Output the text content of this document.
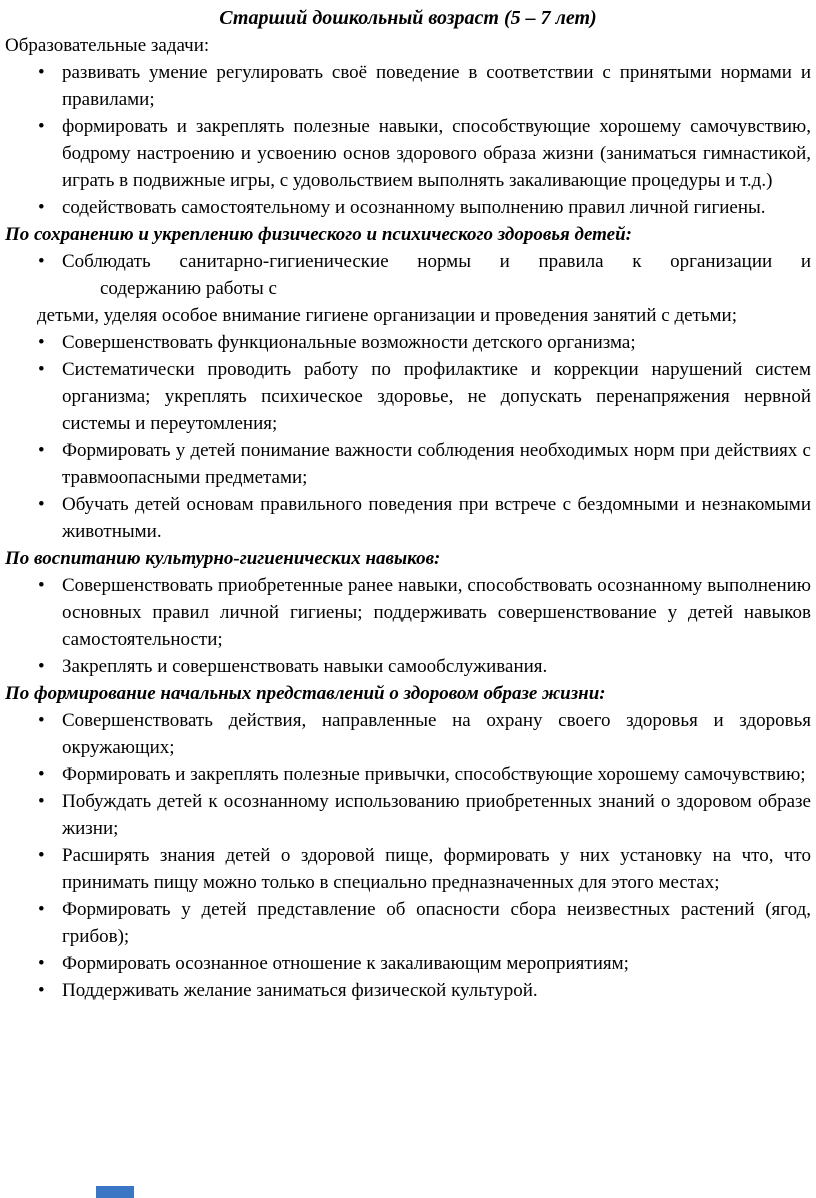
Старший дошкольный возраст (5 – 7 лет)
Образовательные задачи:
• развивать умение регулировать своё поведение в соответствии с принятыми нормами и правилами;
• формировать и закреплять полезные навыки, способствующие хорошему самочувствию, бодрому настроению и усвоению основ здорового образа жизни (заниматься гимнастикой, играть в подвижные игры, с удовольствием выполнять закаливающие процедуры и т.д.)
• содействовать самостоятельному и осознанному выполнению правил личной гигиены.
По сохранению и укреплению физического и психического здоровья детей:
• Соблюдать санитарно-гигиенические нормы и правила к организации и
содержанию работы с
детьми, уделяя особое внимание гигиене организации и проведения занятий с детьми;
• Совершенствовать функциональные возможности детского организма;
• Систематически проводить работу по профилактике и коррекции нарушений систем организма; укреплять психическое здоровье, не допускать перенапряжения нервной системы и переутомления;
• Формировать у детей понимание важности соблюдения необходимых норм при действиях с травмоопасными предметами;
• Обучать детей основам правильного поведения при встрече с бездомными и незнакомыми животными.
По воспитанию культурно-гигиенических навыков:
• Совершенствовать приобретенные ранее навыки, способствовать осознанному выполнению основных правил личной гигиены; поддерживать совершенствование у детей навыков самостоятельности;
• Закреплять и совершенствовать навыки самообслуживания.
По формирование начальных представлений о здоровом образе жизни:
• Совершенствовать действия, направленные на охрану своего здоровья и здоровья окружающих;
• Формировать и закреплять полезные привычки, способствующие хорошему самочувствию;
• Побуждать детей к осознанному использованию приобретенных знаний о здоровом образе жизни;
• Расширять знания детей о здоровой пище, формировать у них установку на что, что принимать пищу можно только в специально предназначенных для этого местах;
• Формировать у детей представление об опасности сбора неизвестных растений (ягод, грибов);
• Формировать осознанное отношение к закаливающим мероприятиям;
• Поддерживать желание заниматься физической культурой.
